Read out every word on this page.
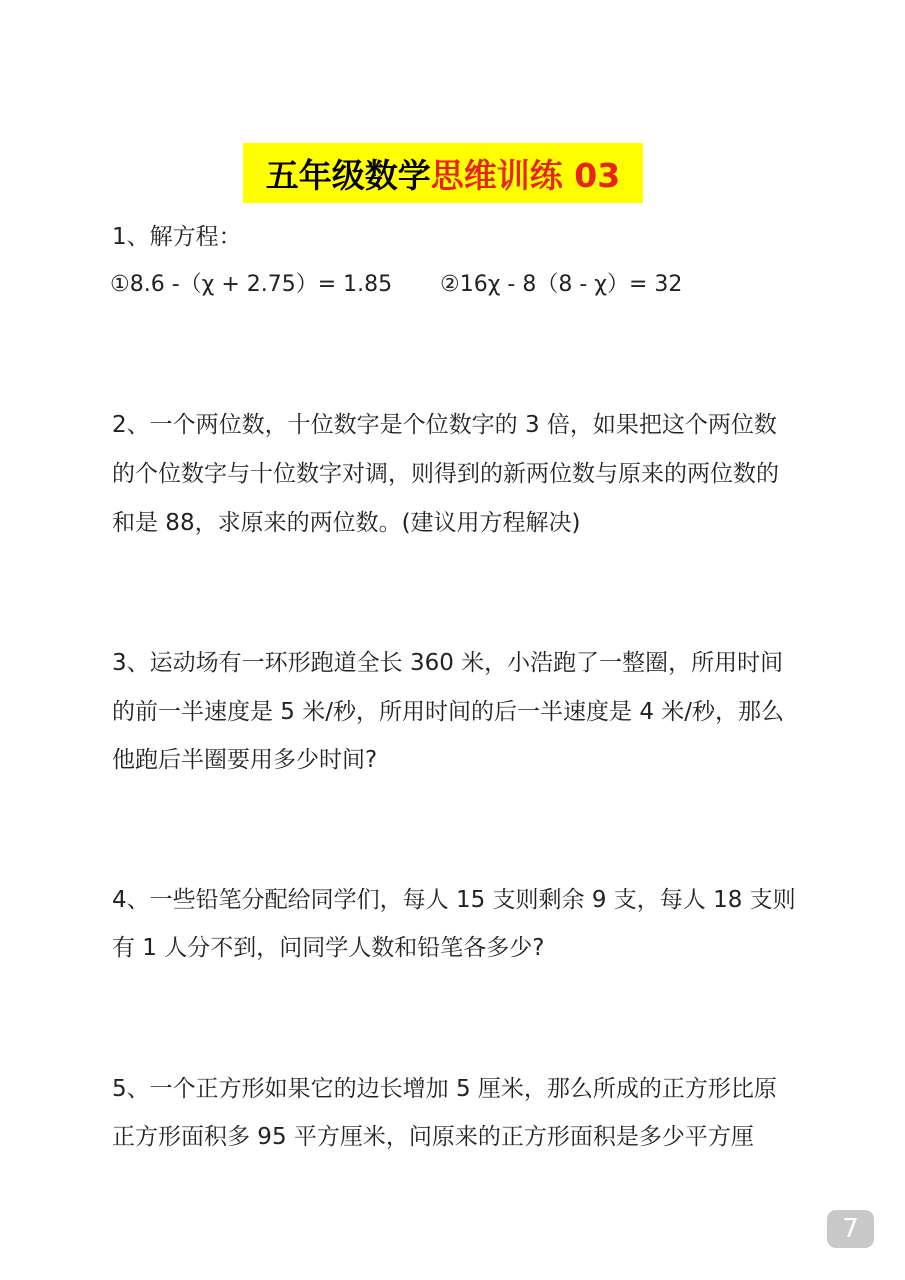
五年级数学 思维训练 03
1、解方程：
①8.6 -（χ + 2.75）= 1.85 ②16χ - 8（8 - χ）= 32
2、一个两位数，十位数字是个位数字的 3 倍，如果把这个两位数
的个位数字与十位数字对调，则得到的新两位数与原来的两位数的
和是 88，求原来的两位数。(建议用方程解决)
3、运动场有一环形跑道全长 360 米，小浩跑了一整圈，所用时间
的前一半速度是 5 米/秒，所用时间的后一半速度是 4 米/秒，那么
他跑后半圈要用多少时间?
4、一些铅笔分配给同学们，每人 15 支则剩余 9 支，每人 18 支则
有 1 人分不到，问同学人数和铅笔各多少?
5、一个正方形如果它的边长增加 5 厘米，那么所成的正方形比原
正方形面积多 95 平方厘米，问原来的正方形面积是多少平方厘
7
